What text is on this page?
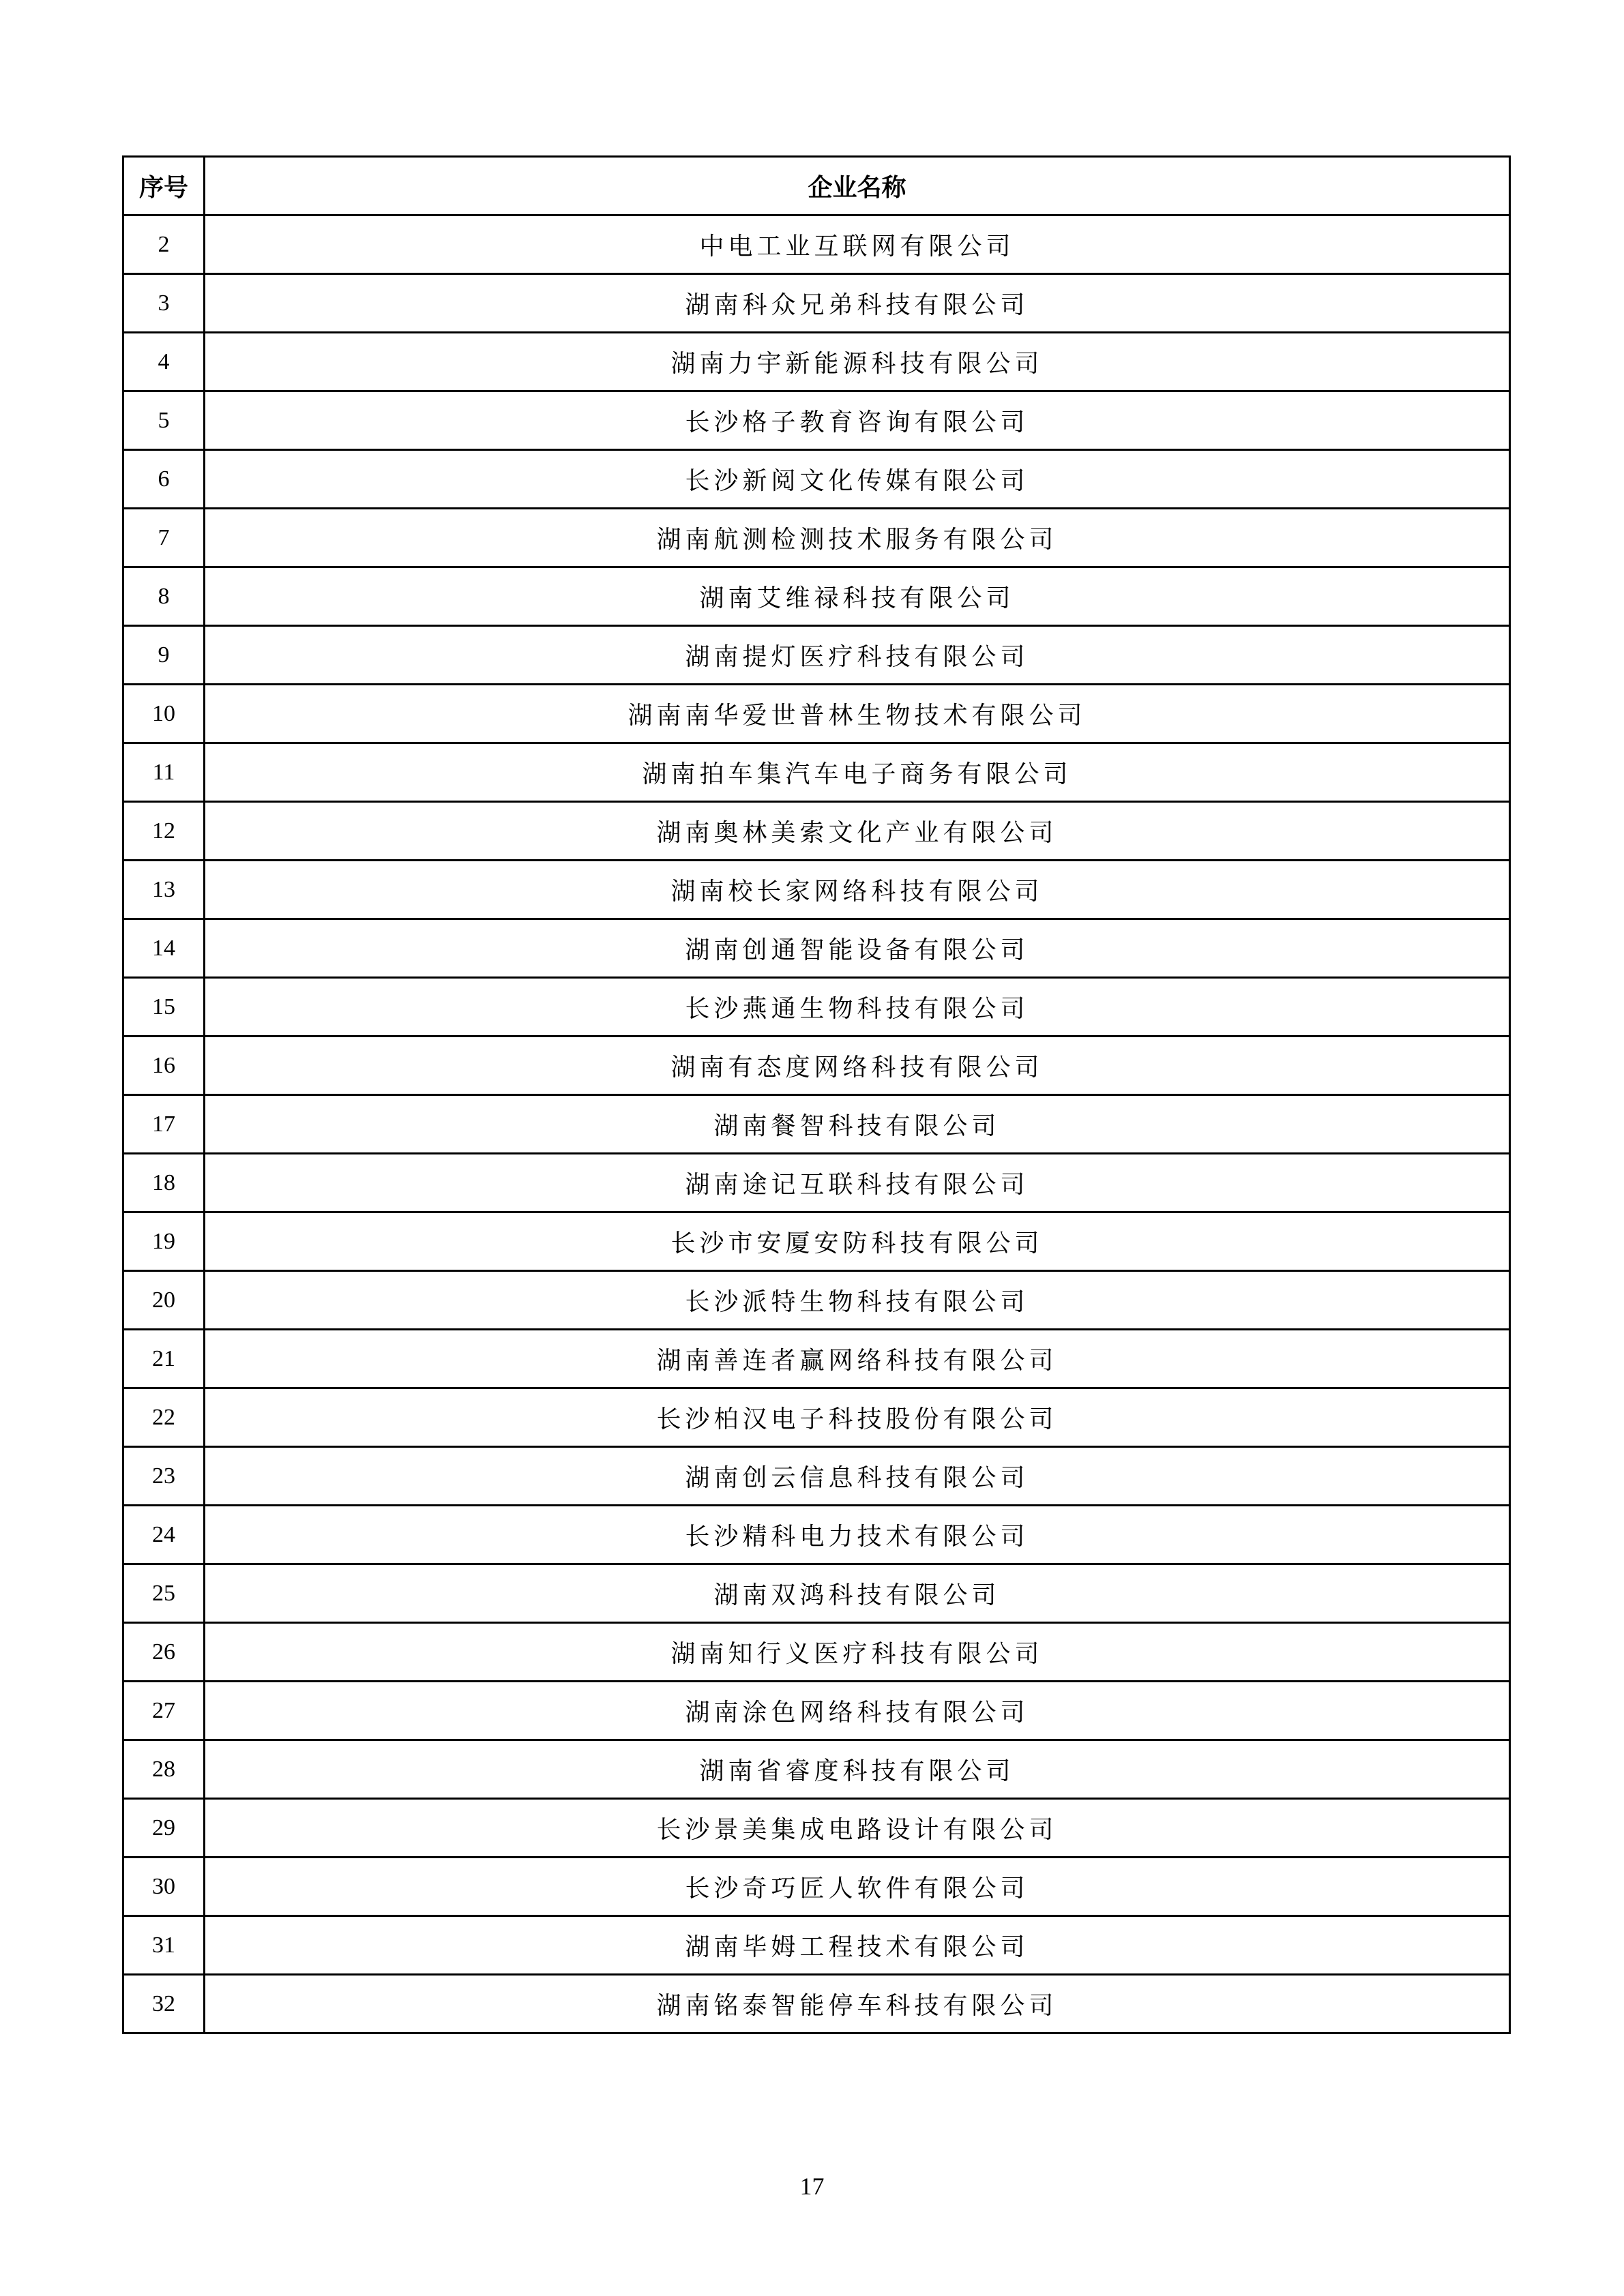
序号	企业名称
2	中电工业互联网有限公司
3	湖南科众兄弟科技有限公司
4	湖南力宇新能源科技有限公司
5	长沙格子教育咨询有限公司
6	长沙新阅文化传媒有限公司
7	湖南航测检测技术服务有限公司
8	湖南艾维禄科技有限公司
9	湖南提灯医疗科技有限公司
10	湖南南华爱世普林生物技术有限公司
11	湖南拍车集汽车电子商务有限公司
12	湖南奥林美索文化产业有限公司
13	湖南校长家网络科技有限公司
14	湖南创通智能设备有限公司
15	长沙燕通生物科技有限公司
16	湖南有态度网络科技有限公司
17	湖南餐智科技有限公司
18	湖南途记互联科技有限公司
19	长沙市安厦安防科技有限公司
20	长沙派特生物科技有限公司
21	湖南善连者赢网络科技有限公司
22	长沙柏汉电子科技股份有限公司
23	湖南创云信息科技有限公司
24	长沙精科电力技术有限公司
25	湖南双鸿科技有限公司
26	湖南知行义医疗科技有限公司
27	湖南涂色网络科技有限公司
28	湖南省睿度科技有限公司
29	长沙景美集成电路设计有限公司
30	长沙奇巧匠人软件有限公司
31	湖南毕姆工程技术有限公司
32	湖南铭泰智能停车科技有限公司
17
